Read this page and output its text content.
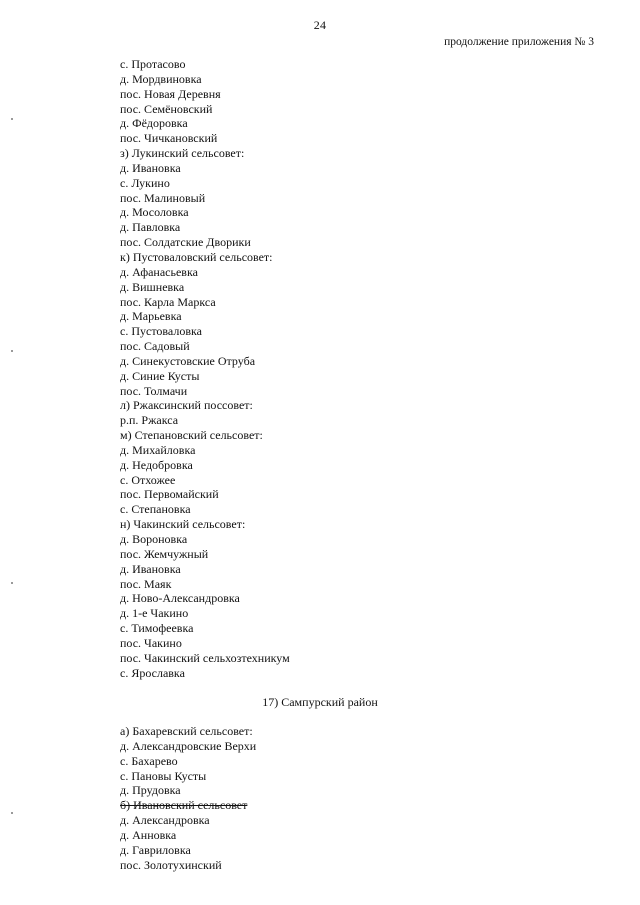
24
продолжение приложения № 3
с. Протасово
д. Мордвиновка
пос. Новая Деревня
пос. Семёновский
д. Фёдоровка
пос. Чичкановский
з) Лукинский сельсовет:
д. Ивановка
с. Лукино
пос. Малиновый
д. Мосоловка
д. Павловка
пос. Солдатские Дворики
к) Пустоваловский сельсовет:
д. Афанасьевка
д. Вишневка
пос. Карла Маркса
д. Марьевка
с. Пустоваловка
пос. Садовый
д. Синекустовские Отруба
д. Синие Кусты
пос. Толмачи
л) Ржаксинский поссовет:
р.п. Ржакса
м) Степановский сельсовет:
д. Михайловка
д. Недобровка
с. Отхожее
пос. Первомайский
с. Степановка
н) Чакинский сельсовет:
д. Вороновка
пос. Жемчужный
д. Ивановка
пос. Маяк
д. Ново-Александровка
д. 1-е Чакино
с. Тимофеевка
пос. Чакино
пос. Чакинский сельхозтехникум
с. Ярославка
17) Сампурский район
а) Бахаревский сельсовет:
д. Александровские Верхи
с. Бахарево
с. Пановы Кусты
д. Прудовка
б) Ивановский сельсовет
д. Александровка
д. Анновка
д. Гавриловка
пос. Золотухинский
